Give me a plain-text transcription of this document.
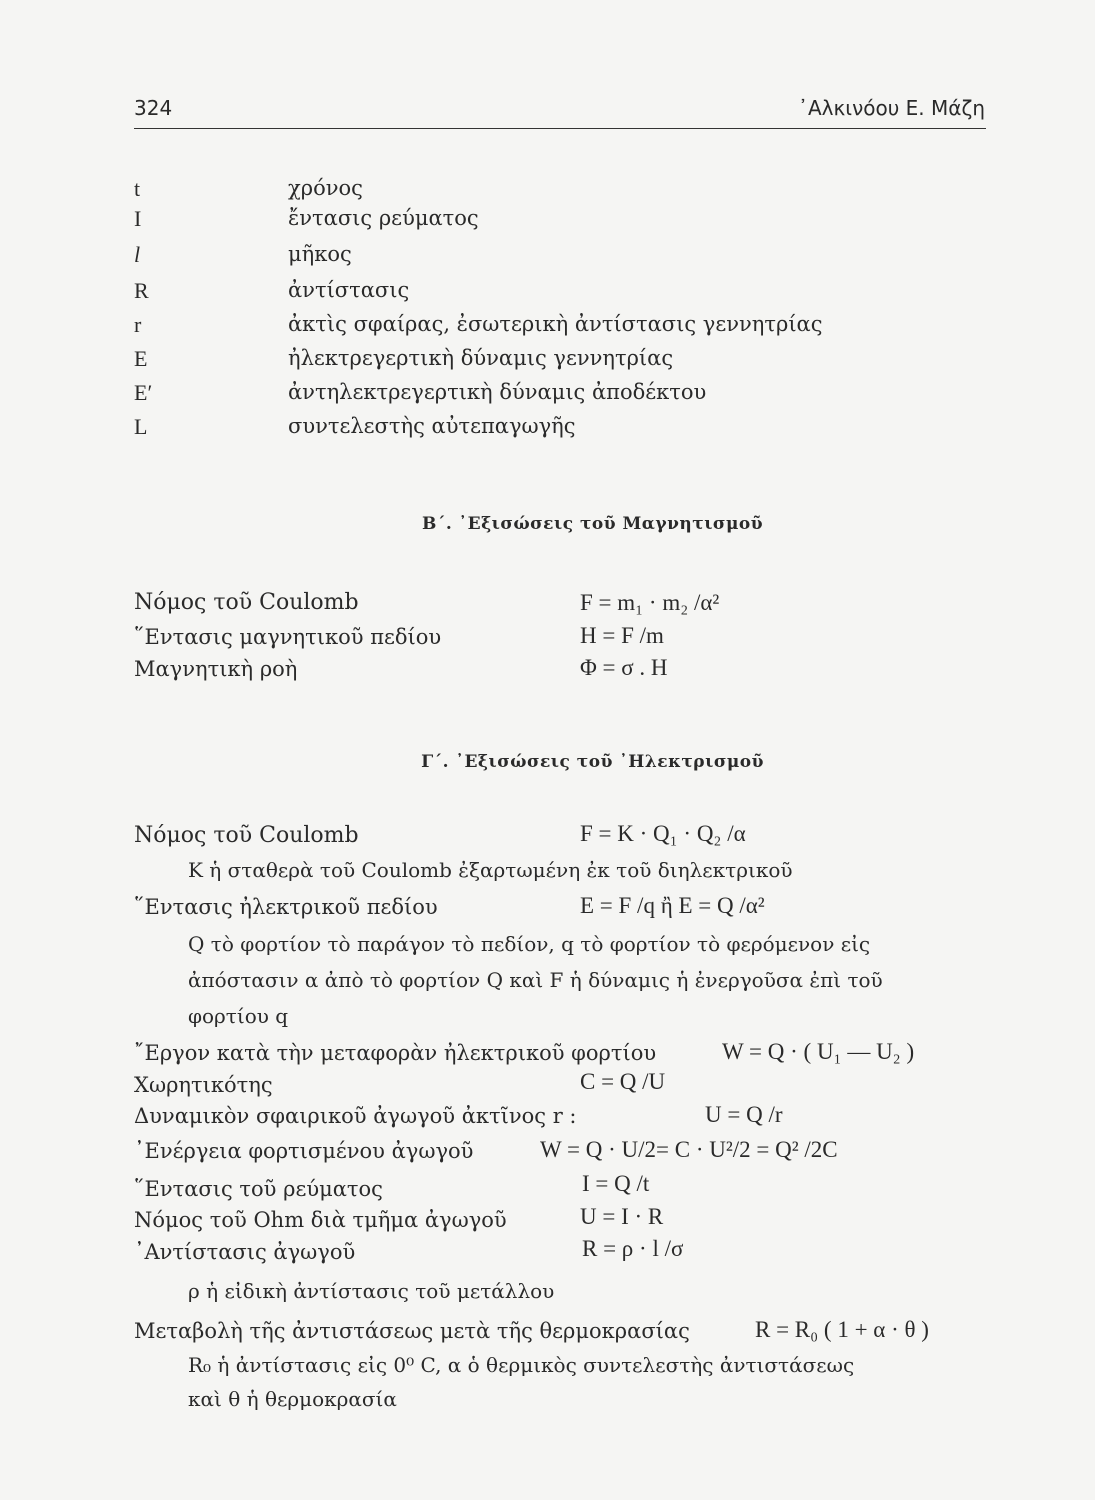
324	᾿Αλκινόου Ε. Μάζη
t	χρόνος
I	ἔντασις ρεύματος
l	μῆκος
R	ἀντίστασις
r	ἀκτὶς σφαίρας, ἐσωτερικὴ ἀντίστασις γεννητρίας
E	ἠλεκτρεγερτικὴ δύναμις γεννητρίας
E′	ἀντηλεκτρεγερτικὴ δύναμις ἀποδέκτου
L	συντελεστὴς αὐτεπαγωγῆς
Β΄. ᾿Εξισώσεις τοῦ Μαγνητισμοῦ
Νόμος τοῦ Coulomb	F = m₁ · m₂ /α²
῞Εντασις μαγνητικοῦ πεδίου	H = F /m
Μαγνητικὴ ροὴ	Φ = σ . H
Γ΄. ᾿Εξισώσεις τοῦ ᾿Ηλεκτρισμοῦ
Νόμος τοῦ Coulomb	F = K · Q₁ · Q₂ /α
K ἡ σταθερὰ τοῦ Coulomb ἐξαρτωμένη ἐκ τοῦ διηλεκτρικοῦ
῞Εντασις ἠλεκτρικοῦ πεδίου	E = F /q ἢ E = Q /α²
Q τὸ φορτίον τὸ παράγον τὸ πεδίον, q τὸ φορτίον τὸ φερόμενον εἰς
ἀπόστασιν α ἀπὸ τὸ φορτίον Q καὶ F ἡ δύναμις ἡ ἐνεργοῦσα ἐπὶ τοῦ
φορτίου q
῎Εργον κατὰ τὴν μεταφορὰν ἠλεκτρικοῦ φορτίου	W = Q · ( U₁ — U₂ )
Χωρητικότης	C = Q /U
Δυναμικὸν σφαιρικοῦ ἀγωγοῦ ἀκτῖνος r :	U = Q /r
᾿Ενέργεια φορτισμένου ἀγωγοῦ	W = Q · U/2= C · U²/2 = Q² /2C
῞Εντασις τοῦ ρεύματος	I = Q /t
Νόμος τοῦ Ohm διὰ τμῆμα ἀγωγοῦ	U = I · R
᾿Αντίστασις ἀγωγοῦ	R = ρ · l /σ
ρ ἡ εἰδικὴ ἀντίστασις τοῦ μετάλλου
Μεταβολὴ τῆς ἀντιστάσεως μετὰ τῆς θερμοκρασίας	R = R₀ ( 1 + α · θ )
R₀ ἡ ἀντίστασις εἰς 0⁰ C, α ὁ θερμικὸς συντελεστὴς ἀντιστάσεως
καὶ θ ἡ θερμοκρασία
